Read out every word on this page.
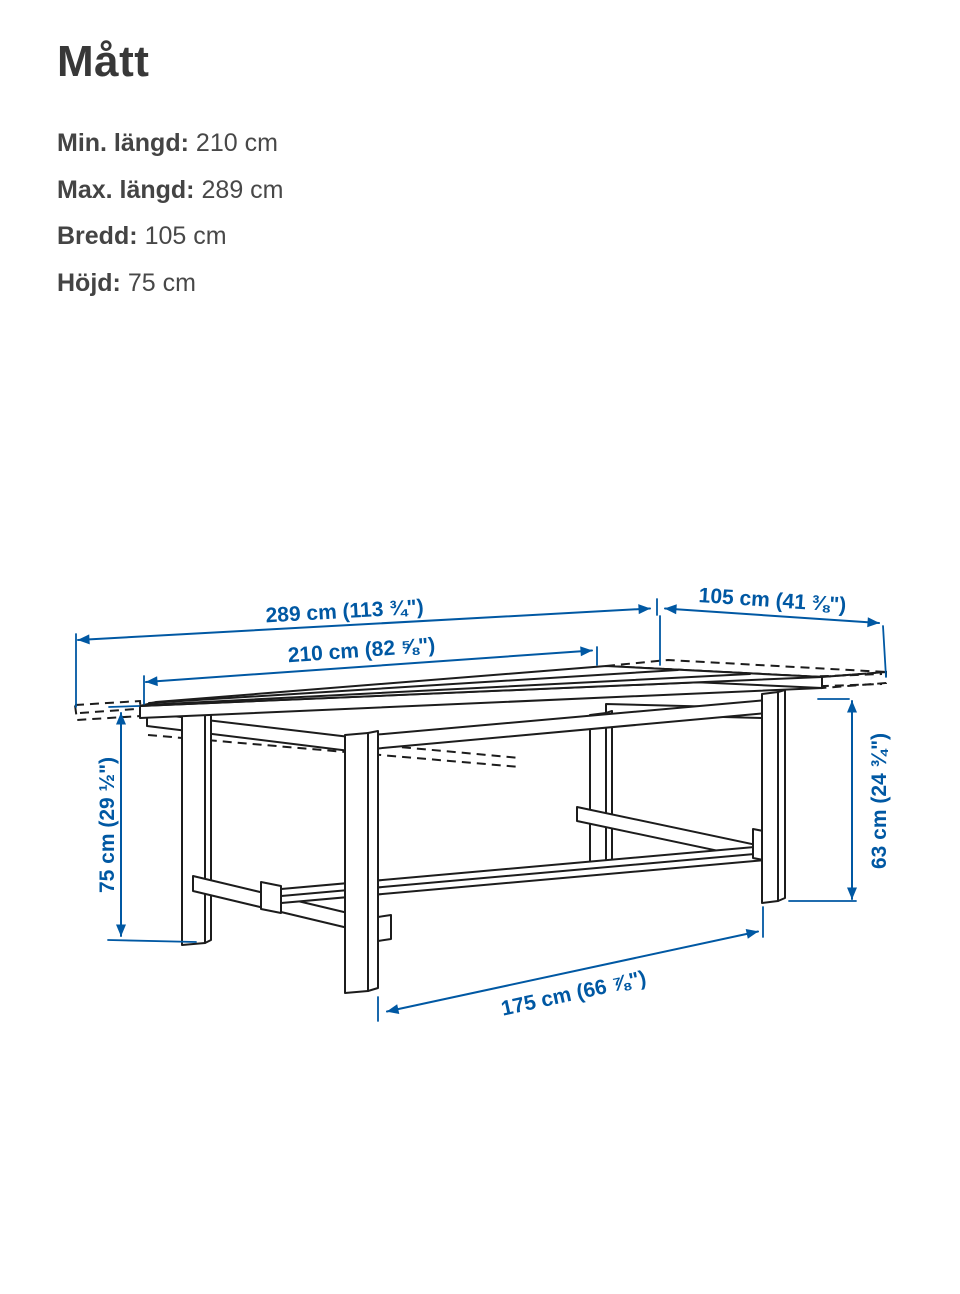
Mått
Min. längd: 210 cm
Max. längd: 289 cm
Bredd: 105 cm
Höjd: 75 cm
289 cm (113 ¾")
210 cm (82 ⅝")
105 cm (41 ⅜")
75 cm (29 ½")	63 cm (24 ¾")
175 cm (66 ⅞")
